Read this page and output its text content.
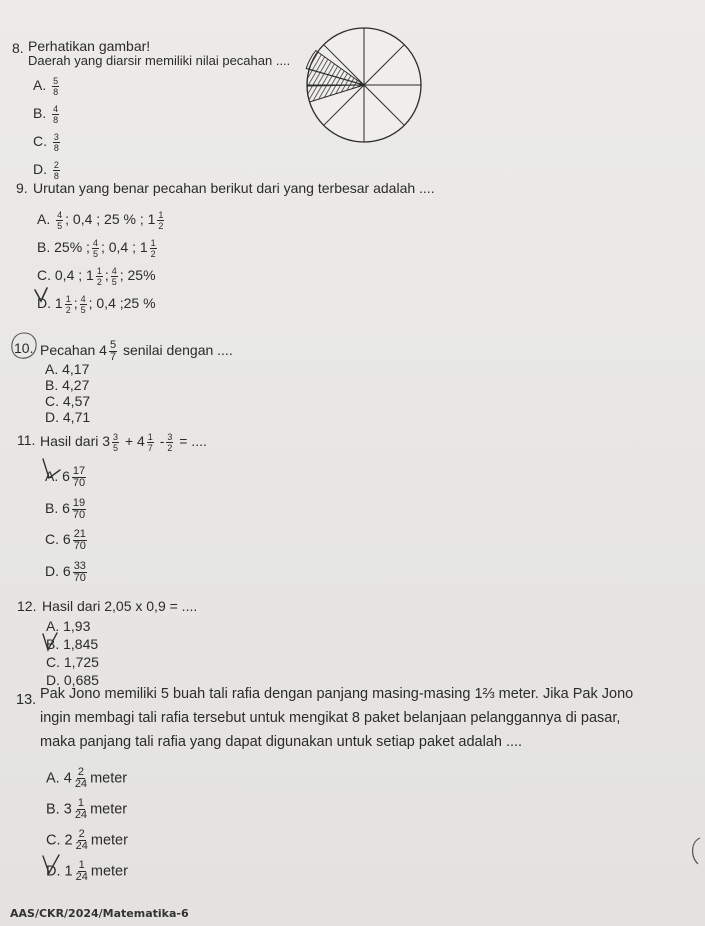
8. Perhatikan gambar!
Daerah yang diarsir memiliki nilai pecahan ....
A. $\frac{5}{8}$
B. $\frac{4}{8}$
C. $\frac{3}{8}$
D. $\frac{2}{8}$
9. Urutan yang benar pecahan berikut dari yang terbesar adalah ....
A. $\frac{4}{5}$ ; 0,4 ; 25 % ; $1 \frac{1}{2}$
B. 25% ; $\frac{4}{5}$ ; 0,4 ; $1 \frac{1}{2}$
C. 0,4 ; $1 \frac{1}{2}$ ; $\frac{4}{5}$ ; 25%
D. $1 \frac{1}{2}$ ; $\frac{4}{5}$ ; 0,4 ;25 %
10. Pecahan $4 \frac{5}{7}$ senilai dengan ....
A. 4,17
B. 4,27
C. 4,57
D. 4,71
11. Hasil dari $3 \frac{3}{5} + 4 \frac{1}{7} - \frac{3}{2}$ = ....
A. $6 \frac{17}{70}$
B. $6 \frac{19}{70}$
C. $6 \frac{21}{70}$
D. $6 \frac{33}{70}$
12. Hasil dari 2,05 x 0,9 = ....
A. 1,93
B. 1,845
C. 1,725
D. 0,685
13. Pak Jono memiliki 5 buah tali rafia dengan panjang masing-masing 1⅔ meter. Jika Pak Jono
ingin membagi tali rafia tersebut untuk mengikat 8 paket belanjaan pelanggannya di pasar,
maka panjang tali rafia yang dapat digunakan untuk setiap paket adalah ....
A. $4 \frac{2}{24}$ meter
B. $3 \frac{1}{24}$ meter
C. $2 \frac{2}{24}$ meter
D. $1 \frac{1}{24}$ meter
AAS/CKR/2024/Matematika-6
